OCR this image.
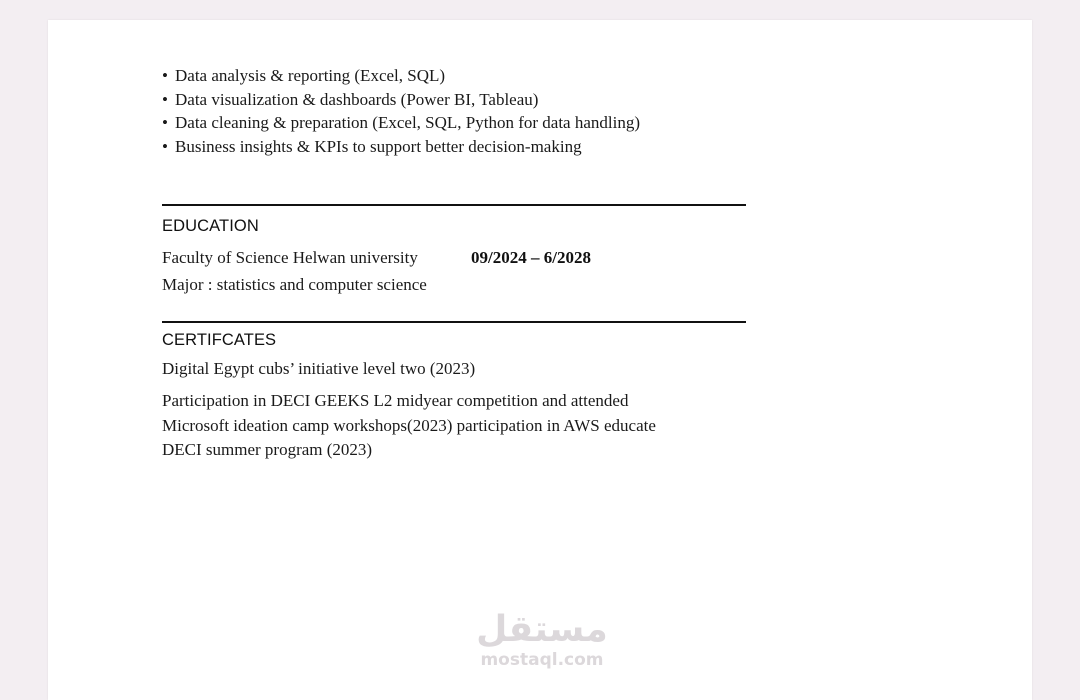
• Data analysis & reporting (Excel, SQL)
• Data visualization & dashboards (Power BI, Tableau)
• Data cleaning & preparation (Excel, SQL, Python for data handling)
• Business insights & KPIs to support better decision-making
EDUCATION
Faculty of Science Helwan university	09/2024 – 6/2028
Major : statistics and computer science
CERTIFCATES
Digital Egypt cubs’ initiative level two (2023)
Participation in DECI GEEKS L2 midyear competition and attended
Microsoft ideation camp workshops(2023) participation in AWS educate
DECI summer program (2023)
مستقل
mostaql.com
